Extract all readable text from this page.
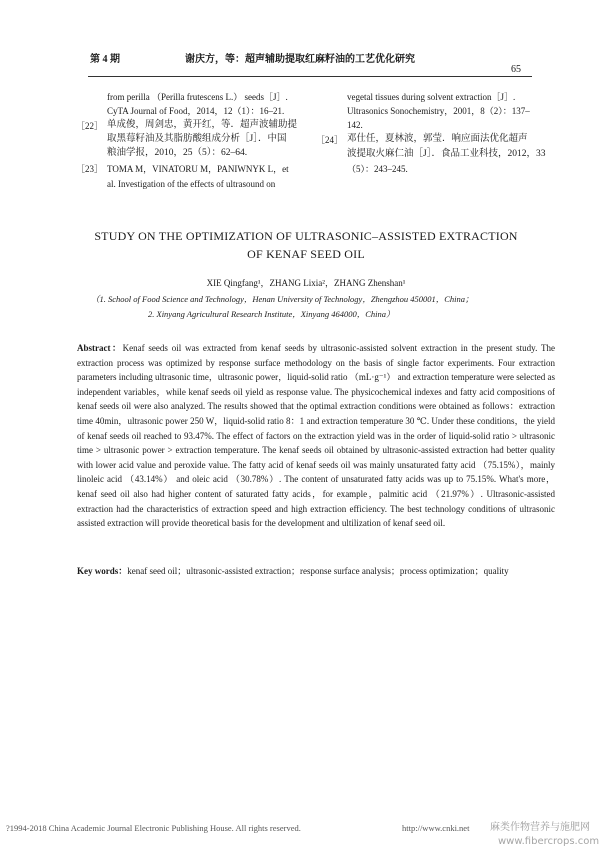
第 4 期	谢庆方，等：超声辅助提取红麻籽油的工艺优化研究
65
from perilla （Perilla frutescens L.） seeds［J］.
CyTA Journal of Food，2014，12（1）：16–21.
［22］ 单成俊，周剑忠，黄开红，等．超声波辅助提
取黑莓籽油及其脂肪酸组成分析［J］．中国
粮油学报，2010，25（5）：62–64.
［23］ TOMA M，VINATORU M，PANIWNYK L，et
al. Investigation of the effects of ultrasound on
vegetal tissues during solvent extraction［J］.
Ultrasonics Sonochemistry，2001，8（2）：137–
142.
［24］ 邓仕任，夏林波，郭莹．响应面法优化超声
波提取火麻仁油［J］．食品工业科技，2012，33
（5）：243–245.
STUDY ON THE OPTIMIZATION OF ULTRASONIC–ASSISTED EXTRACTION
OF KENAF SEED OIL
XIE Qingfang¹，ZHANG Lixia²，ZHANG Zhenshan¹
（1. School of Food Science and Technology，Henan University of Technology，Zhengzhou 450001，China；
2. Xinyang Agricultural Research Institute，Xinyang 464000，China）

Abstract：Kenaf seeds oil was extracted from kenaf seeds by ultrasonic-assisted solvent extraction in the present study. The extraction process was optimized by response surface methodology on the basis of single factor experiments. Four extraction parameters including ultrasonic time，ultrasonic power，liquid-solid ratio （mL·g⁻¹） and extraction temperature were selected as independent variables，while kenaf seeds oil yield as response value. The physicochemical indexes and fatty acid compositions of kenaf seeds oil were also analyzed. The results showed that the optimal extraction conditions were obtained as follows：extraction time 40min，ultrasonic power 250 W，liquid-solid ratio 8：1 and extraction temperature 30 ℃. Under these conditions，the yield of kenaf seeds oil reached to 93.47%. The effect of factors on the extraction yield was in the order of liquid-solid ratio > ultrasonic time > ultrasonic power > extraction temperature. The kenaf seeds oil obtained by ultrasonic-assisted extraction had better quality with lower acid value and peroxide value. The fatty acid of kenaf seeds oil was mainly unsaturated fatty acid （75.15%），mainly linoleic acid （43.14%） and oleic acid （30.78%）. The content of unsaturated fatty acids was up to 75.15%. What's more，kenaf seed oil also had higher content of saturated fatty acids，for example，palmitic acid （21.97%）. Ultrasonic-assisted extraction had the characteristics of extraction speed and high extraction efficiency. The best technology conditions of ultrasonic assisted extraction will provide theoretical basis for the development and ultilization of kenaf seed oil.

Key words：kenaf seed oil；ultrasonic-assisted extraction；response surface analysis；process optimization；quality
?1994-2018 China Academic Journal Electronic Publishing House. All rights reserved.	http://www.cnki.net 麻类作物营养与施肥网
www.fibercrops.com
